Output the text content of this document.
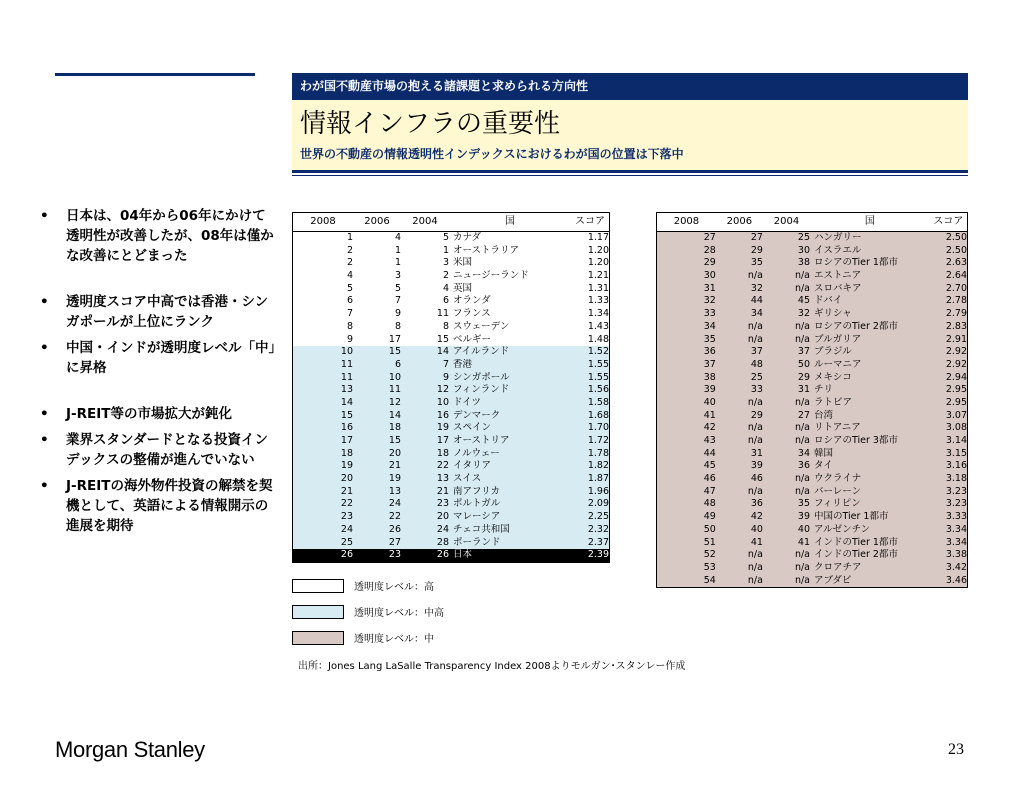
わが国不動産市場の抱える諸課題と求められる方向性
情報インフラの重要性
世界の不動産の情報透明性インデックスにおけるわが国の位置は下落中
• 日本は、04年から06年にかけて透明性が改善したが、08年は僅かな改善にとどまった
• 透明度スコア中高では香港・シンガポールが上位にランク
• 中国・インドが透明度レベル「中」に昇格
• J-REIT等の市場拡大が鈍化
• 業界スタンダードとなる投資インデックスの整備が進んでいない
• J-REITの海外物件投資の解禁を契機として、英語による情報開示の進展を期待
2008	2006	2004	国	スコア
1	4	5 カナダ	1.17
2	1	1 オーストラリア	1.20
2	1	3 米国	1.20
4	3	2 ニュージーランド	1.21
5	5	4 英国	1.31
6	7	6 オランダ	1.33
7	9	11 フランス	1.34
8	8	8 スウェーデン	1.43
9	17	15 ベルギー	1.48
10	15	14 アイルランド	1.52
11	6	7 香港	1.55
11	10	9 シンガポール	1.55
13	11	12 フィンランド	1.56
14	12	10 ドイツ	1.58
15	14	16 デンマーク	1.68
16	18	19 スペイン	1.70
17	15	17 オーストリア	1.72
18	20	18 ノルウェー	1.78
19	21	22 イタリア	1.82
20	19	13 スイス	1.87
21	13	21 南アフリカ	1.96
22	24	23 ポルトガル	2.09
23	22	20 マレーシア	2.25
24	26	24 チェコ共和国	2.32
25	27	28 ポーランド	2.37
26	23	26 日本	2.39
2008	2006	2004	国	スコア
27	27	25 ハンガリー	2.50
28	29	30 イスラエル	2.50
29	35	38 ロシアのTier 1都市	2.63
30	n/a	n/a エストニア	2.64
31	32	n/a スロバキア	2.70
32	44	45 ドバイ	2.78
33	34	32 ギリシャ	2.79
34	n/a	n/a ロシアのTier 2都市	2.83
35	n/a	n/a ブルガリア	2.91
36	37	37 ブラジル	2.92
37	48	50 ルーマニア	2.92
38	25	29 メキシコ	2.94
39	33	31 チリ	2.95
40	n/a	n/a ラトビア	2.95
41	29	27 台湾	3.07
42	n/a	n/a リトアニア	3.08
43	n/a	n/a ロシアのTier 3都市	3.14
44	31	34 韓国	3.15
45	39	36 タイ	3.16
46	46	n/a ウクライナ	3.18
47	n/a	n/a バーレーン	3.23
48	36	35 フィリピン	3.23
49	42	39 中国のTier 1都市	3.33
50	40	40 アルゼンチン	3.34
51	41	41 インドのTier 1都市	3.34
52	n/a	n/a インドのTier 2都市	3.38
53	n/a	n/a クロアチア	3.42
54	n/a	n/a アブダビ	3.46
透明度レベル：高
透明度レベル：中高
透明度レベル：中
出所：Jones Lang LaSalle Transparency Index 2008よりモルガン･スタンレー作成
Morgan Stanley	23
